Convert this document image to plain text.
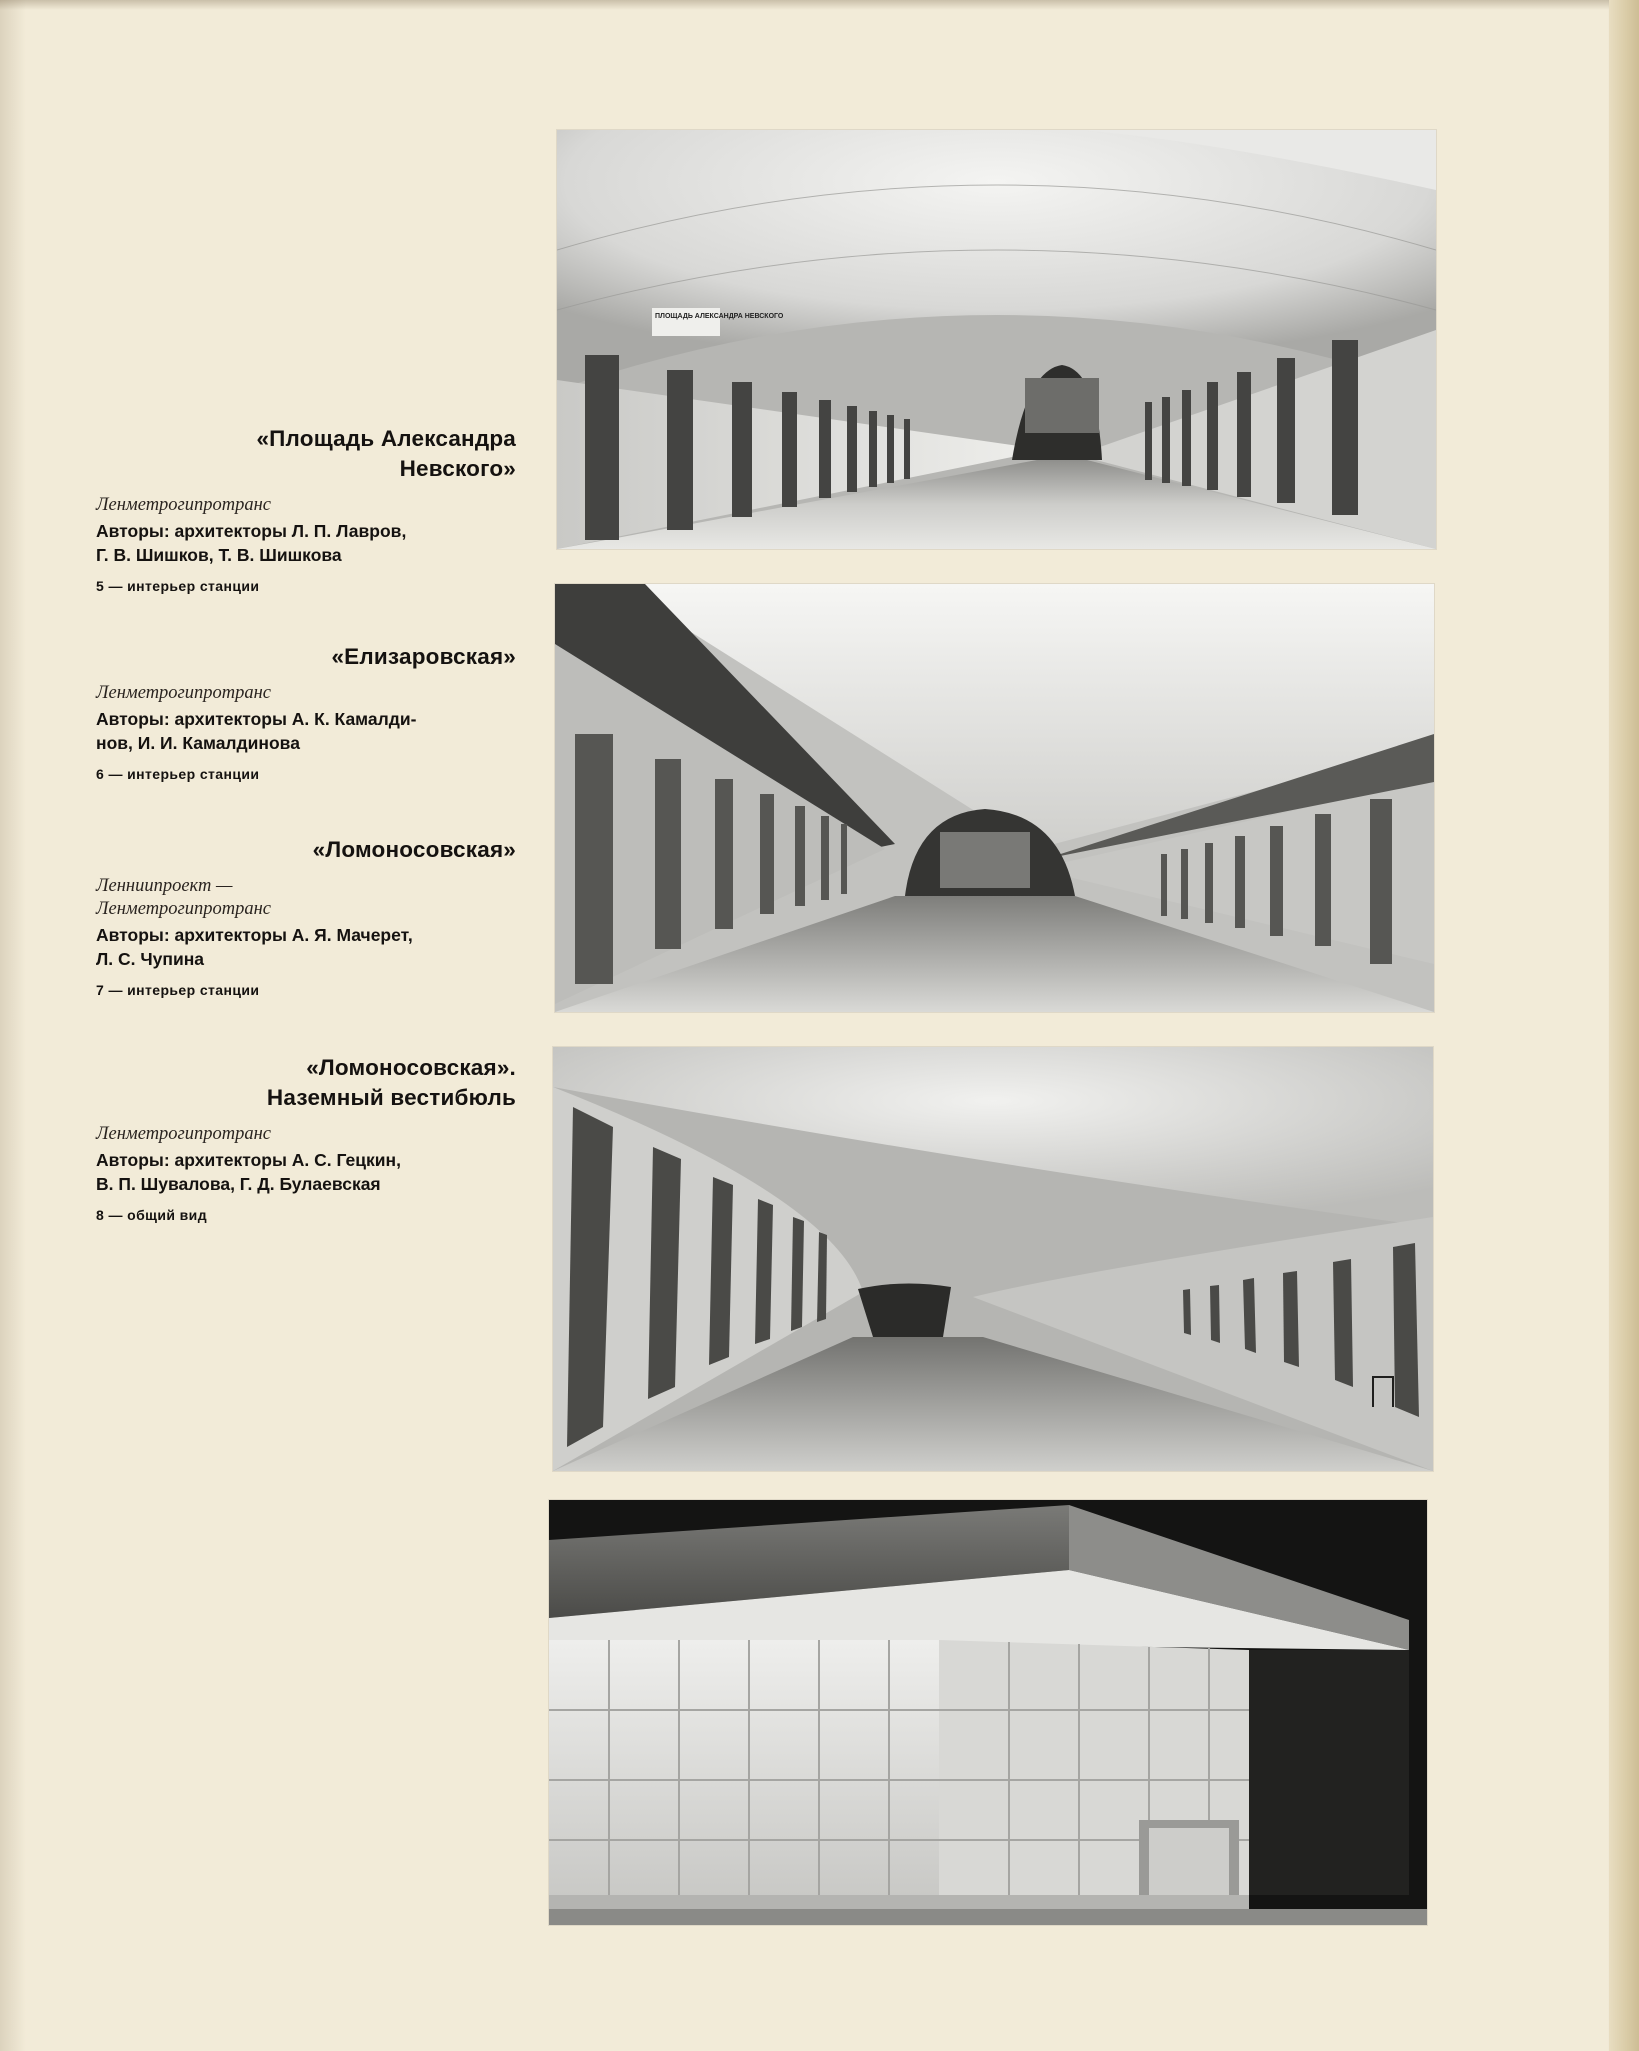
«Площадь Александра
Невского»

Ленметрогипротранс

Авторы: архитекторы Л. П. Лавров,
Г. В. Шишков, Т. В. Шишкова

5 — интерьер станции

«Елизаровская»

Ленметрогипротранс

Авторы: архитекторы А. К. Камалди-
нов, И. И. Камалдинова

6 — интерьер станции

«Ломоносовская»

Ленниипроект —
Ленметрогипротранс

Авторы: архитекторы А. Я. Мачерет,
Л. С. Чупина

7 — интерьер станции

«Ломоносовская».
Наземный вестибюль

Ленметрогипротранс

Авторы: архитекторы А. С. Гецкин,
В. П. Шувалова, Г. Д. Булаевская

8 — общий вид

ПЛОЩАДЬ АЛЕКСАНДРА НЕВСКОГО
